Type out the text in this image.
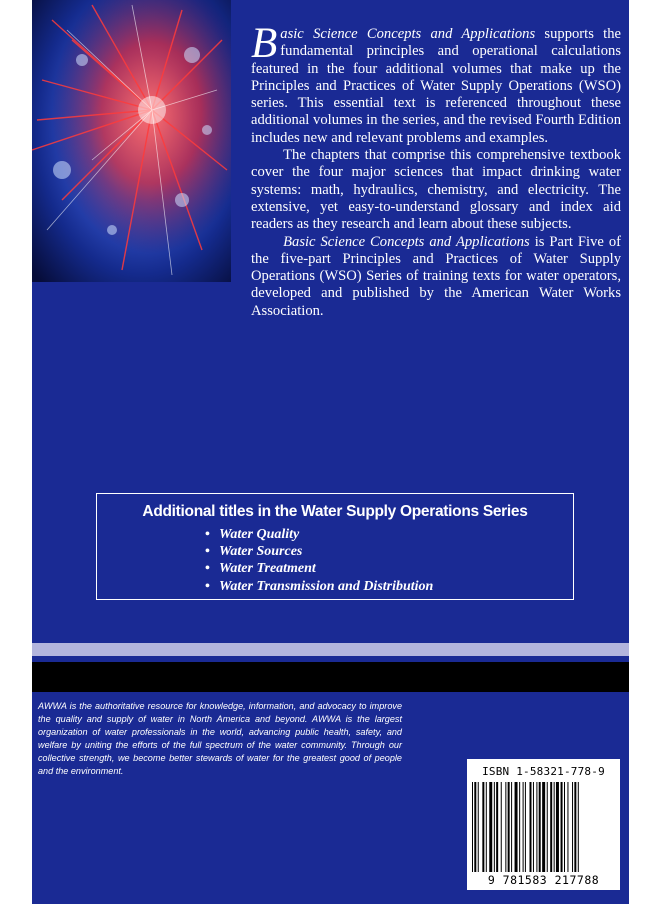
Basic Science Concepts and Applications supports the fundamental principles and operational calculations featured in the four additional volumes that make up the Principles and Practices of Water Supply Operations (WSO) series. This essential text is referenced throughout these additional volumes in the series, and the revised Fourth Edition includes new and relevant problems and examples.

The chapters that comprise this comprehensive textbook cover the four major sciences that impact drinking water systems: math, hydraulics, chemistry, and electricity. The extensive, yet easy-to-understand glossary and index aid readers as they research and learn about these subjects.

Basic Science Concepts and Applications is Part Five of the five-part Principles and Practices of Water Supply Operations (WSO) Series of training texts for water operators, developed and published by the American Water Works Association.

Additional titles in the Water Supply Operations Series
• Water Quality
• Water Sources
• Water Treatment
• Water Transmission and Distribution
AWWA is the authoritative resource for knowledge, information, and advocacy to improve the quality and supply of water in North America and beyond. AWWA is the largest organization of water professionals in the world, advancing public health, safety, and welfare by uniting the efforts of the full spectrum of the water community. Through our collective strength, we become better stewards of water for the greatest good of people and the environment.	ISBN 1-58321-778-9
9 781583 217788
